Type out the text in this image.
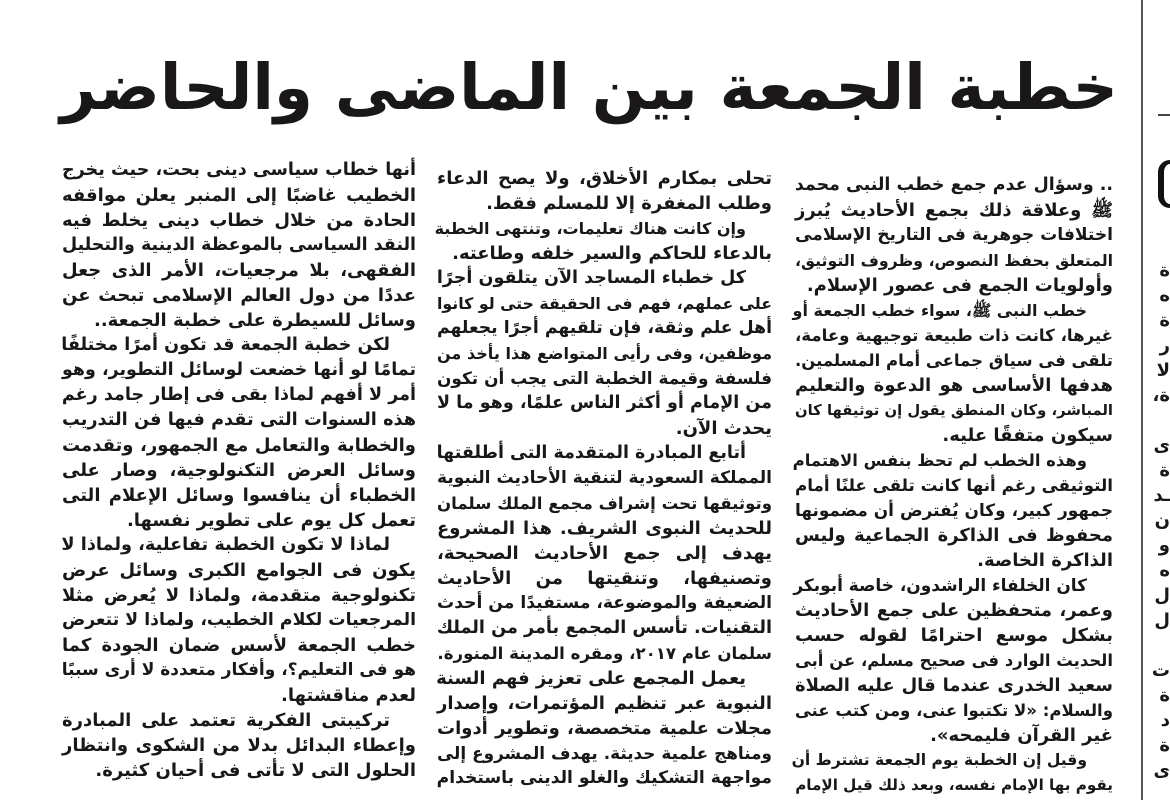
خطبة الجمعة بين الماضى والحاضر
.. وسؤال عدم جمع خطب النبى محمد
ﷺ وعلاقة ذلك بجمع الأحاديث يُبرز
اختلافات جوهرية فى التاريخ الإسلامى
المتعلق بحفظ النصوص، وظروف التوثيق،
وأولويات الجمع فى عصور الإسلام.
خطب النبى ﷺ، سواء خطب الجمعة أو
غيرها، كانت ذات طبيعة توجيهية وعامة،
تلقى فى سياق جماعى أمام المسلمين.
هدفها الأساسى هو الدعوة والتعليم
المباشر، وكان المنطق يقول إن توثيقها كان
سيكون متفقًا عليه.
وهذه الخطب لم تحظ بنفس الاهتمام
التوثيقى رغم أنها كانت تلقى علنًا أمام
جمهور كبير، وكان يُفترض أن مضمونها
محفوظ فى الذاكرة الجماعية وليس
الذاكرة الخاصة.
كان الخلفاء الراشدون، خاصة أبوبكر
وعمر، متحفظين على جمع الأحاديث
بشكل موسع احترامًا لقوله حسب
الحديث الوارد فى صحيح مسلم، عن أبى
سعيد الخدرى عندما قال عليه الصلاة
والسلام: «لا تكتبوا عنى، ومن كتب عنى
غير القرآن فليمحه».
وقيل إن الخطبة يوم الجمعة تشترط أن
يقوم بها الإمام نفسه، وبعد ذلك قيل الإمام
تحلى بمكارم الأخلاق، ولا يصح الدعاء
وطلب المغفرة إلا للمسلم فقط.
وإن كانت هناك تعليمات، وتنتهى الخطبة
بالدعاء للحاكم والسير خلفه وطاعته.
كل خطباء المساجد الآن يتلقون أجرًا
على عملهم، فهم فى الحقيقة حتى لو كانوا
أهل علم وثقة، فإن تلقيهم أجرًا يجعلهم
موظفين، وفى رأيى المتواضع هذا يأخذ من
فلسفة وقيمة الخطبة التى يجب أن تكون
من الإمام أو أكثر الناس علمًا، وهو ما لا
يحدث الآن.
أتابع المبادرة المتقدمة التى أطلقتها
المملكة السعودية لتنقية الأحاديث النبوية
وتوثيقها تحت إشراف مجمع الملك سلمان
للحديث النبوى الشريف. هذا المشروع
يهدف إلى جمع الأحاديث الصحيحة،
وتصنيفها، وتنقيتها من الأحاديث
الضعيفة والموضوعة، مستفيدًا من أحدث
التقنيات. تأسس المجمع بأمر من الملك
سلمان عام ٢٠١٧، ومقره المدينة المنورة.
يعمل المجمع على تعزيز فهم السنة
النبوية عبر تنظيم المؤتمرات، وإصدار
مجلات علمية متخصصة، وتطوير أدوات
ومناهج علمية حديثة. يهدف المشروع إلى
مواجهة التشكيك والغلو الدينى باستخدام
أنها خطاب سياسى دينى بحت، حيث يخرج
الخطيب غاضبًا إلى المنبر يعلن مواقفه
الحادة من خلال خطاب دينى يخلط فيه
النقد السياسى بالموعظة الدينية والتحليل
الفقهى، بلا مرجعيات، الأمر الذى جعل
عددًا من دول العالم الإسلامى تبحث عن
وسائل للسيطرة على خطبة الجمعة..
لكن خطبة الجمعة قد تكون أمرًا مختلفًا
تمامًا لو أنها خضعت لوسائل التطوير، وهو
أمر لا أفهم لماذا بقى فى إطار جامد رغم
هذه السنوات التى تقدم فيها فن التدريب
والخطابة والتعامل مع الجمهور، وتقدمت
وسائل العرض التكنولوجية، وصار على
الخطباء أن ينافسوا وسائل الإعلام التى
تعمل كل يوم على تطوير نفسها.
لماذا لا تكون الخطبة تفاعلية، ولماذا لا
يكون فى الجوامع الكبرى وسائل عرض
تكنولوجية متقدمة، ولماذا لا يُعرض مثلا
المرجعيات لكلام الخطيب، ولماذا لا تتعرض
خطب الجمعة لأسس ضمان الجودة كما
هو فى التعليم؟، وأفكار متعددة لا أرى سببًا
لعدم مناقشتها.
تركيبتى الفكرية تعتمد على المبادرة
وإعطاء البدائل بدلا من الشكوى وانتظار
الحلول التى لا تأتى فى أحيان كثيرة.
ة
ه
ة
ر
لا
ة،
ى
ة
ـد
ن
و
ه
ل
ل
ت
ة
د
ة
ى
